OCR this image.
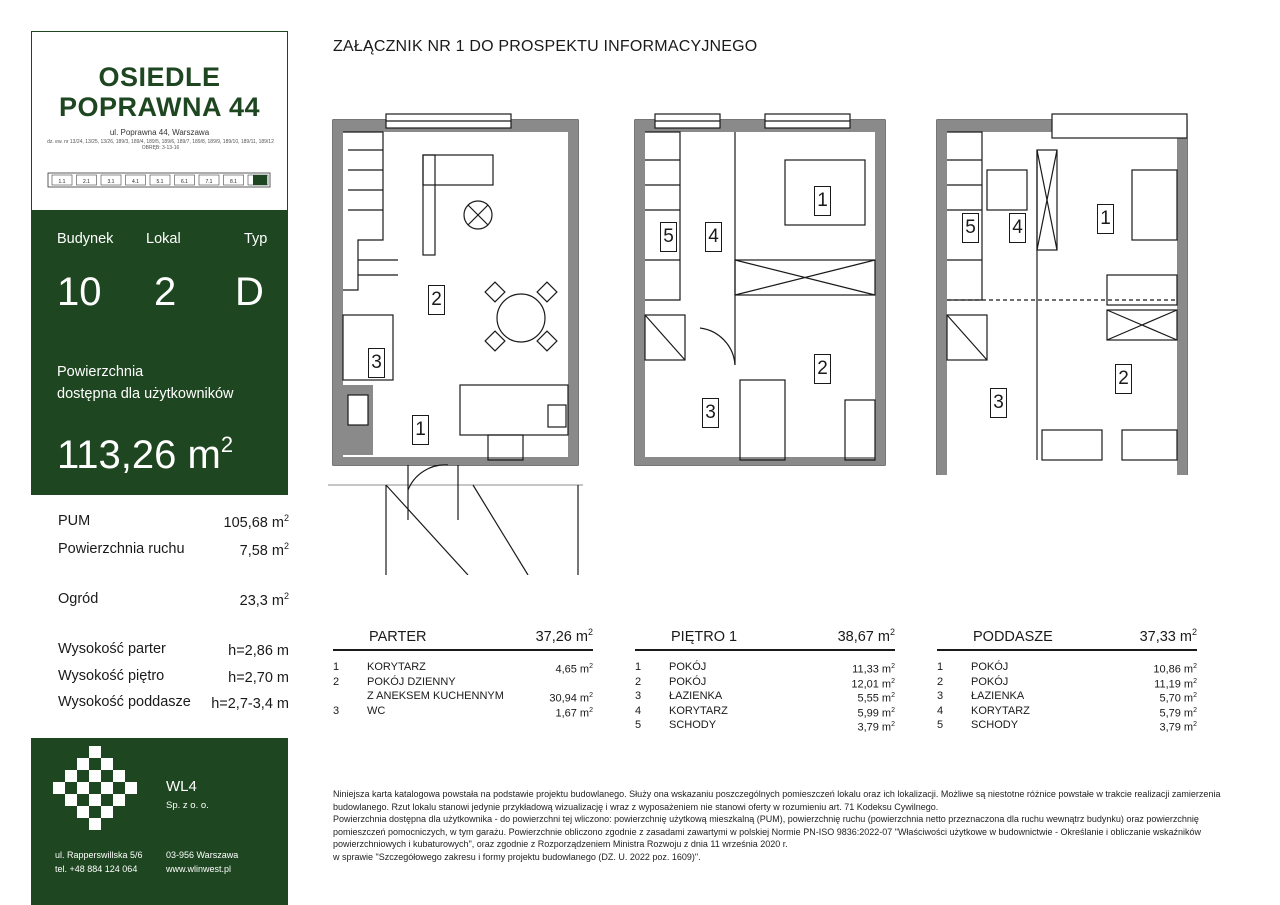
OSIEDLE
POPRAWNA 44
ul. Poprawna 44, Warszawa
dz. ew. nr 13/24, 13/25, 13/26, 189/3, 189/4, 189/5, 189/6, 189/7, 189/8, 189/9, 189/10, 189/11, 189/12
OBRĘB: 3-13-16
1.1	2.1	3.1	4.1	5.1	6.1	7.1	8.1
Budynek Lokal	Typ
10 2 D
Powierzchnia
dostępna dla użytkowników
113,26 $m^2$
PUM	105,68 $m^2$
Powierzchnia ruchu	7,58 $m^2$
Ogród	23,3 $m^2$
Wysokość parter	h=2,86 m
Wysokość piętro	h=2,70 m
Wysokość poddasze h=2,7-3,4 m
WL4
Sp. z o. o.
ul. Rapperswillska 5/6	03-956 Warszawa
tel. +48 884 124 064	www.wlinwest.pl
ZAŁĄCZNIK NR 1 DO PROSPEKTU INFORMACYJNEGO
3
2
1
5 4
1
2
3
5 4	1
2
3
PARTER	37,26 $m^2$
1	KORYTARZ	4,65 $m^2$
2	POKÓJ DZIENNY
Z ANEKSEM KUCHENNYM	30,94 $m^2$
3	WC	1,67 $m^2$
PIĘTRO 1	38,67 $m^2$
1	POKÓJ	11,33 $m^2$
2	POKÓJ	12,01 $m^2$
3	ŁAZIENKA	5,55 $m^2$
4	KORYTARZ	5,99 $m^2$
5	SCHODY	3,79 $m^2$
PODDASZE	37,33 $m^2$
1	POKÓJ	10,86 $m^2$
2	POKÓJ	11,19 $m^2$
3	ŁAZIENKA	5,70 $m^2$
4	KORYTARZ	5,79 $m^2$
5	SCHODY	3,79 $m^2$

Niniejsza karta katalogowa powstała na podstawie projektu budowlanego. Służy ona wskazaniu poszczególnych pomieszczeń lokalu oraz ich lokalizacji. Możliwe są niestotne różnice powstałe w trakcie realizacji zamierzenia budowlanego. Rzut lokalu stanowi jedynie przykładową wizualizację i wraz z wyposażeniem nie stanowi oferty w rozumieniu art. 71 Kodeksu Cywilnego.

Powierzchnia dostępna dla użytkownika - do powierzchni tej wliczono: powierzchnię użytkową mieszkalną (PUM), powierzchnię ruchu (powierzchnia netto przeznaczona dla ruchu wewnątrz budynku) oraz powierzchnię pomieszczeń pomocniczych, w tym garażu. Powierzchnie obliczono zgodnie z zasadami zawartymi w polskiej Normie PN-ISO 9836:2022-07 "Właściwości użytkowe w budownictwie - Określanie i obliczanie wskaźników powierzchniowych i kubaturowych", oraz zgodnie z Rozporządzeniem Ministra Rozwoju z dnia 11 września 2020 r.

w sprawie "Szczegółowego zakresu i formy projektu budowlanego (DZ. U. 2022 poz. 1609)".
